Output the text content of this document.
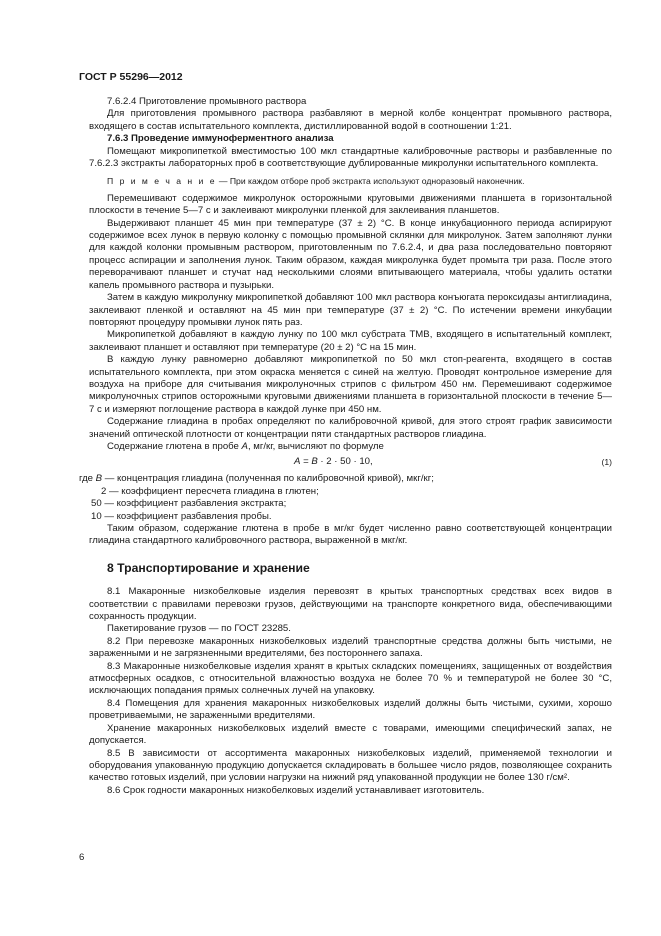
ГОСТ Р 55296—2012

7.6.2.4 Приготовление промывного раствора

Для приготовления промывного раствора разбавляют в мерной колбе концентрат промывного раствора, входящего в состав испытательного комплекта, дистиллированной водой в соотношении 1:21.

7.6.3 Проведение иммуноферментного анализа

Помещают микропипеткой вместимостью 100 мкл стандартные калибровочные растворы и разбавленные по 7.6.2.3 экстракты лабораторных проб в соответствующие дублированные микролунки испытательного комплекта.

П р и м е ч а н и е — При каждом отборе проб экстракта используют одноразовый наконечник.

Перемешивают содержимое микролунок осторожными круговыми движениями планшета в горизонтальной плоскости в течение 5—7 с и заклеивают микролунки пленкой для заклеивания планшетов.

Выдерживают планшет 45 мин при температуре (37 ± 2) °С. В конце инкубационного периода аспирируют содержимое всех лунок в первую колонку с помощью промывной склянки для микролунок. Затем заполняют лунки для каждой колонки промывным раствором, приготовленным по 7.6.2.4, и два раза последовательно повторяют процесс аспирации и заполнения лунок. Таким образом, каждая микролунка будет промыта три раза. После этого переворачивают планшет и стучат над несколькими слоями впитывающего материала, чтобы удалить остатки капель промывного раствора и пузырьки.

Затем в каждую микролунку микропипеткой добавляют 100 мкл раствора конъюгата пероксидазы антиглиадина, заклеивают пленкой и оставляют на 45 мин при температуре (37 ± 2) °С. По истечении времени инкубации повторяют процедуру промывки лунок пять раз.

Микропипеткой добавляют в каждую лунку по 100 мкл субстрата ТМВ, входящего в испытательный комплект, заклеивают планшет и оставляют при температуре (20 ± 2) °С на 15 мин.

В каждую лунку равномерно добавляют микропипеткой по 50 мкл стоп-реагента, входящего в состав испытательного комплекта, при этом окраска меняется с синей на желтую. Проводят контрольное измерение для воздуха на приборе для считывания микролуночных стрипов с фильтром 450 нм. Перемешивают содержимое микролуночных стрипов осторожными круговыми движениями планшета в горизонтальной плоскости в течение 5—7 с и измеряют поглощение раствора в каждой лунке при 450 нм.

Содержание глиадина в пробах определяют по калибровочной кривой, для этого строят график зависимости значений оптической плотности от концентрации пяти стандартных растворов глиадина.

Содержание глютена в пробе А, мг/кг, вычисляют по формуле

А = В · 2 · 50 · 10,	(1)
где В — концентрация глиадина (полученная по калибровочной кривой), мкг/кг;
2 — коэффициент пересчета глиадина в глютен;
50 — коэффициент разбавления экстракта;
10 — коэффициент разбавления пробы.

Таким образом, содержание глютена в пробе в мг/кг будет численно равно соответствующей концентрации глиадина стандартного калибровочного раствора, выраженной в мкг/кг.

8 Транспортирование и хранение

8.1 Макаронные низкобелковые изделия перевозят в крытых транспортных средствах всех видов в соответствии с правилами перевозки грузов, действующими на транспорте конкретного вида, обеспечивающими сохранность продукции.

Пакетирование грузов — по ГОСТ 23285.

8.2 При перевозке макаронных низкобелковых изделий транспортные средства должны быть чистыми, не зараженными и не загрязненными вредителями, без постороннего запаха.

8.3 Макаронные низкобелковые изделия хранят в крытых складских помещениях, защищенных от воздействия атмосферных осадков, с относительной влажностью воздуха не более 70 % и температурой не более 30 °С, исключающих попадания прямых солнечных лучей на упаковку.

8.4 Помещения для хранения макаронных низкобелковых изделий должны быть чистыми, сухими, хорошо проветриваемыми, не зараженными вредителями.

Хранение макаронных низкобелковых изделий вместе с товарами, имеющими специфический запах, не допускается.

8.5 В зависимости от ассортимента макаронных низкобелковых изделий, применяемой технологии и оборудования упакованную продукцию допускается складировать в большее число рядов, позволяющее сохранить качество готовых изделий, при условии нагрузки на нижний ряд упакованной продукции не более 130 г/см².

8.6 Срок годности макаронных низкобелковых изделий устанавливает изготовитель.

6
